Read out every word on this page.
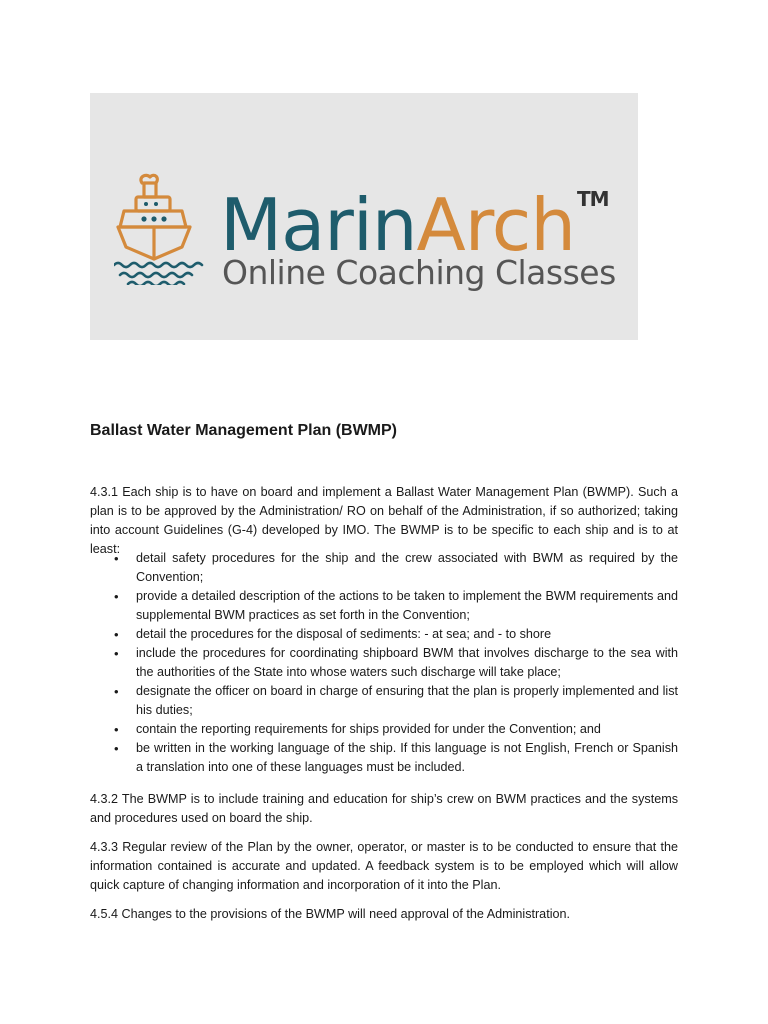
MarinArch ™
Online Coaching Classes
Ballast Water Management Plan (BWMP)

4.3.1 Each ship is to have on board and implement a Ballast Water Management Plan (BWMP). Such a plan is to be approved by the Administration/ RO on behalf of the Administration, if so authorized; taking into account Guidelines (G-4) developed by IMO. The BWMP is to be specific to each ship and is to at least:

• detail safety procedures for the ship and the crew associated with BWM as required by the Convention;
• provide a detailed description of the actions to be taken to implement the BWM requirements and supplemental BWM practices as set forth in the Convention;
• detail the procedures for the disposal of sediments: - at sea; and - to shore
• include the procedures for coordinating shipboard BWM that involves discharge to the sea with the authorities of the State into whose waters such discharge will take place;
• designate the officer on board in charge of ensuring that the plan is properly implemented and list his duties;
• contain the reporting requirements for ships provided for under the Convention; and
• be written in the working language of the ship. If this language is not English, French or Spanish a translation into one of these languages must be included.

4.3.2 The BWMP is to include training and education for ship’s crew on BWM practices and the systems and procedures used on board the ship.

4.3.3 Regular review of the Plan by the owner, operator, or master is to be conducted to ensure that the information contained is accurate and updated. A feedback system is to be employed which will allow quick capture of changing information and incorporation of it into the Plan.

4.5.4 Changes to the provisions of the BWMP will need approval of the Administration.
